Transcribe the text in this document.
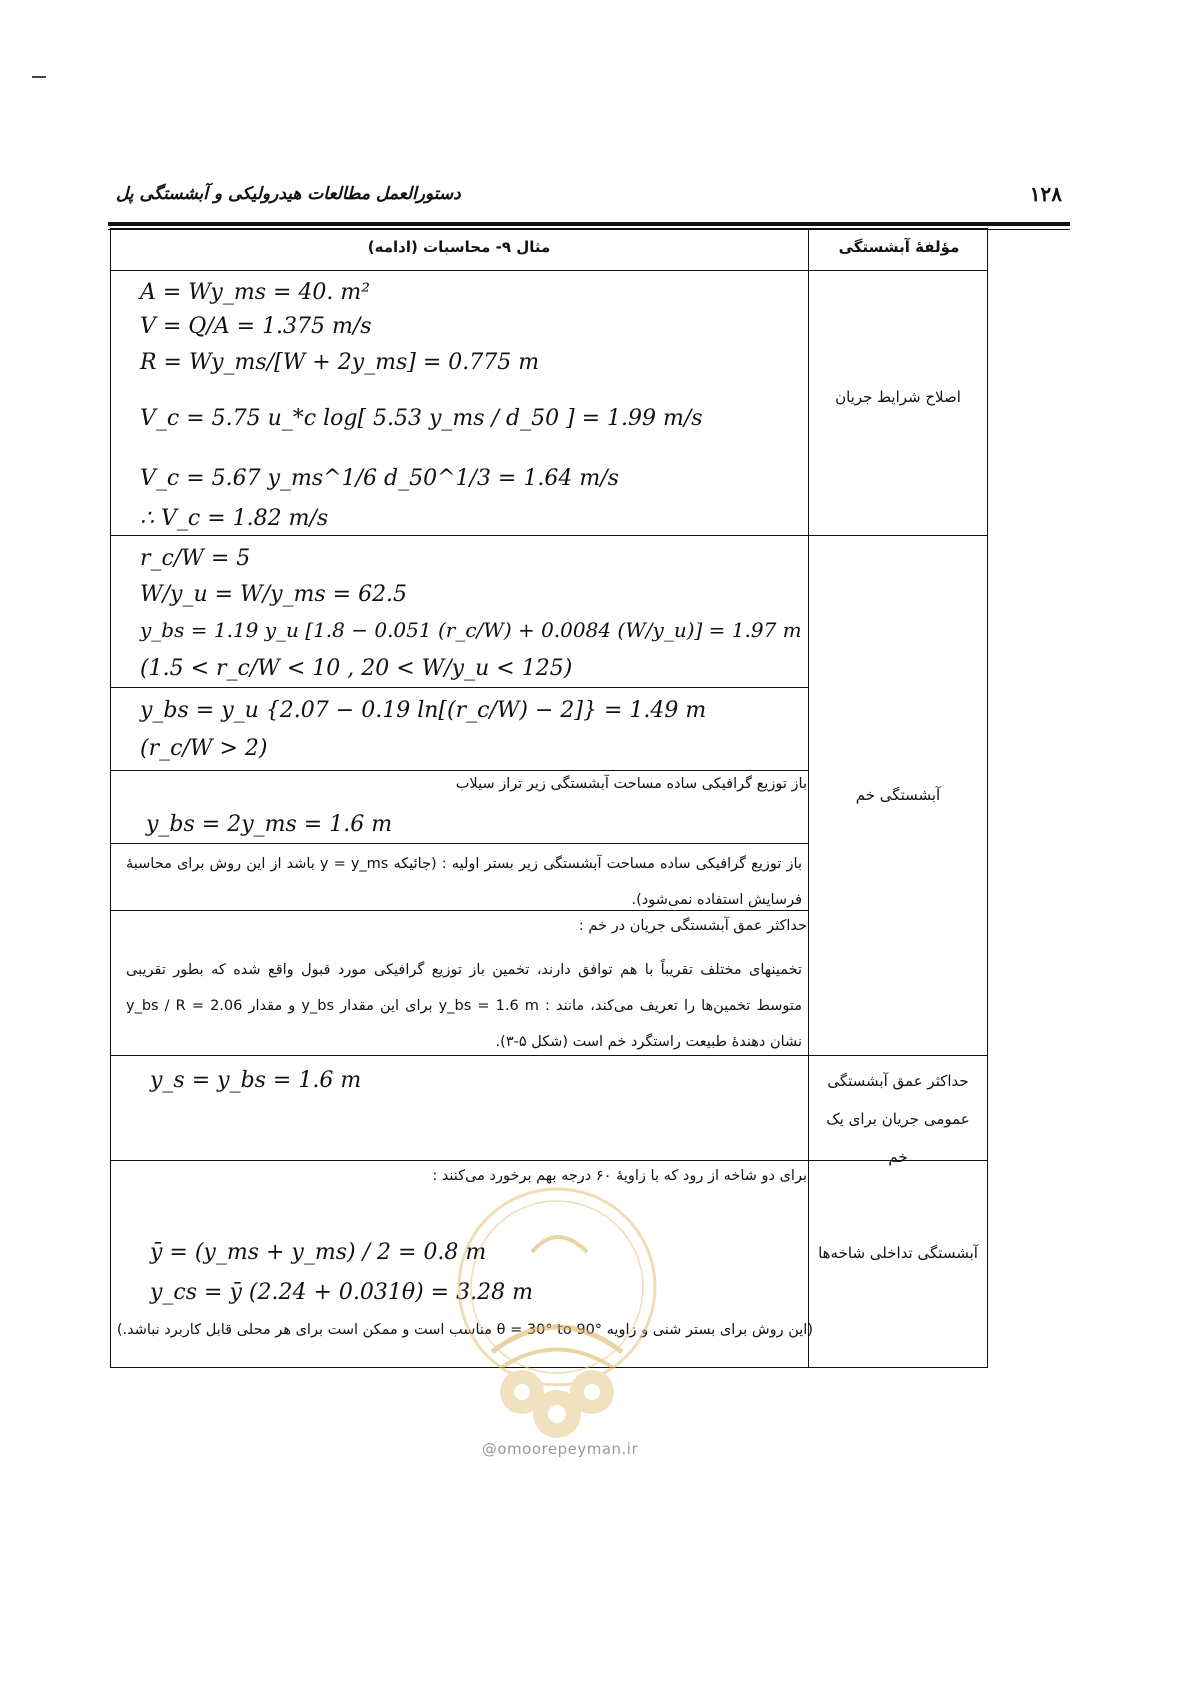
۱۲۸
دستورالعمل مطالعات هیدرولیکی و آبشستگی پل
مؤلفهٔ آبشستگی
مثال ۹- محاسبات (ادامه)
اصلاح شرایط جریان
A = Wy_ms = 40. m²
V = Q/A = 1.375 m/s
R = Wy_ms/[W + 2y_ms] = 0.775 m
V_c = 5.75 u_*c log[ 5.53 y_ms / d_50 ] = 1.99 m/s
V_c = 5.67 y_ms^1/6 d_50^1/3 = 1.64 m/s
∴ V_c = 1.82 m/s
آبشستگی خم
r_c/W = 5
W/y_u = W/y_ms = 62.5
y_bs = 1.19 y_u [1.8 − 0.051 (r_c/W) + 0.0084 (W/y_u)] = 1.97 m
(1.5 < r_c/W < 10 , 20 < W/y_u < 125)
y_bs = y_u {2.07 − 0.19 ln[(r_c/W) − 2]} = 1.49 m
(r_c/W > 2)
باز توزیع گرافیکی ساده مساحت آبشستگی زیر تراز سیلاب
y_bs = 2y_ms = 1.6 m
باز توزیع گرافیکی ساده مساحت آبشستگی زیر بستر اولیه : (جائیکه y = y_ms باشد از این روش برای محاسبهٔ فرسایش استفاده نمی‌شود).
حداکثر عمق آبشستگی جریان در خم :
تخمینهای مختلف تقریباً با هم توافق دارند، تخمین باز توزیع گرافیکی مورد قبول واقع شده که بطور تقریبی متوسط تخمین‌ها را تعریف می‌کند، مانند : y_bs = 1.6 m برای این مقدار y_bs و مقدار y_bs / R = 2.06 نشان دهندهٔ طبیعت راستگرد خم است (شکل ۵-۳).
حداکثر عمق آبشستگی عمومی جریان برای یک خم
y_s = y_bs = 1.6 m
آبشستگی تداخلی شاخه‌ها
برای دو شاخه از رود که با زاویهٔ ۶۰ درجه بهم برخورد می‌کنند :
ȳ = (y_ms + y_ms) / 2 = 0.8 m
y_cs = ȳ (2.24 + 0.031θ) = 3.28 m
(این روش برای بستر شنی و زاویه θ = 30° to 90° مناسب است و ممکن است برای هر محلی قابل کاربرد نباشد.)
@omoorepeyman.ir
